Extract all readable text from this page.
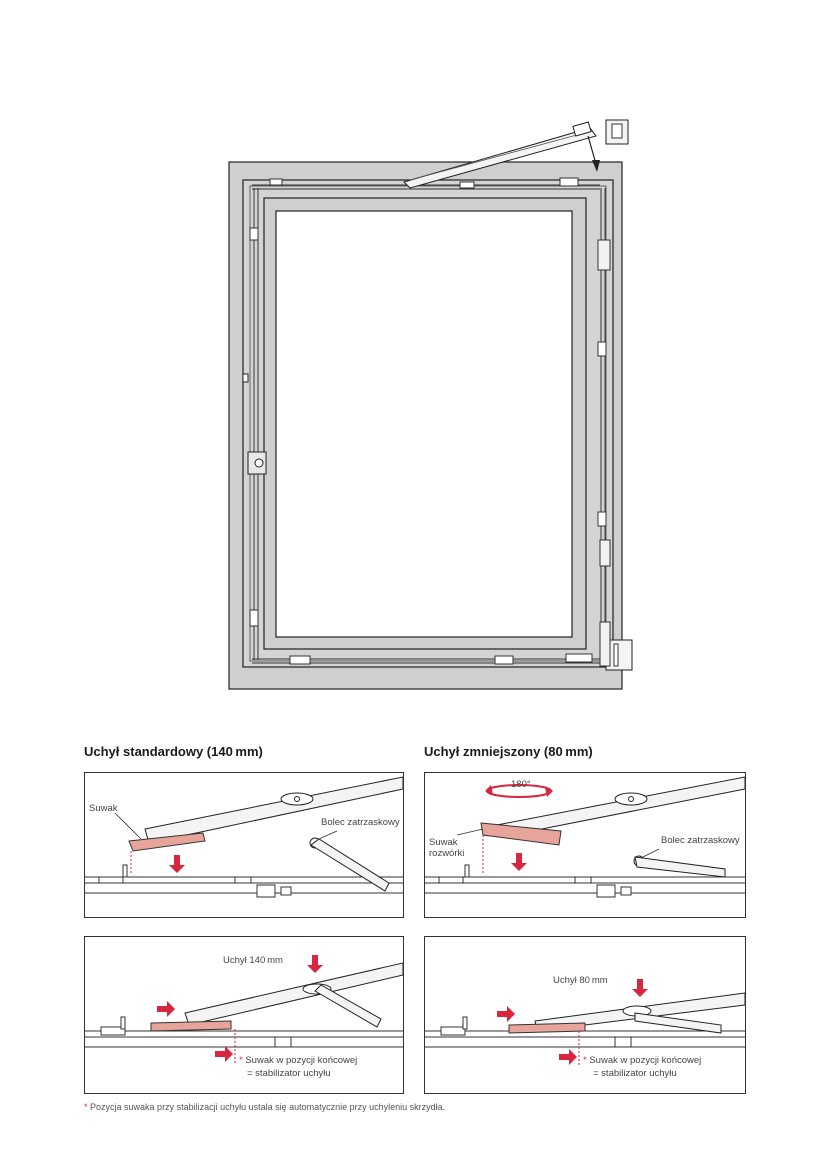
Uchył standardowy (140 mm)	Uchył zmniejszony (80 mm)
Suwak
Bolec zatrzaskowy
180°
Suwak
rozwórki
Bolec zatrzaskowy
Uchył 140 mm
* Suwak w pozycji końcowej
= stabilizator uchyłu
Uchył 80 mm
* Suwak w pozycji końcowej
= stabilizator uchyłu
* Pozycja suwaka przy stabilizacji uchyłu ustala się automatycznie przy uchyleniu skrzydła.
